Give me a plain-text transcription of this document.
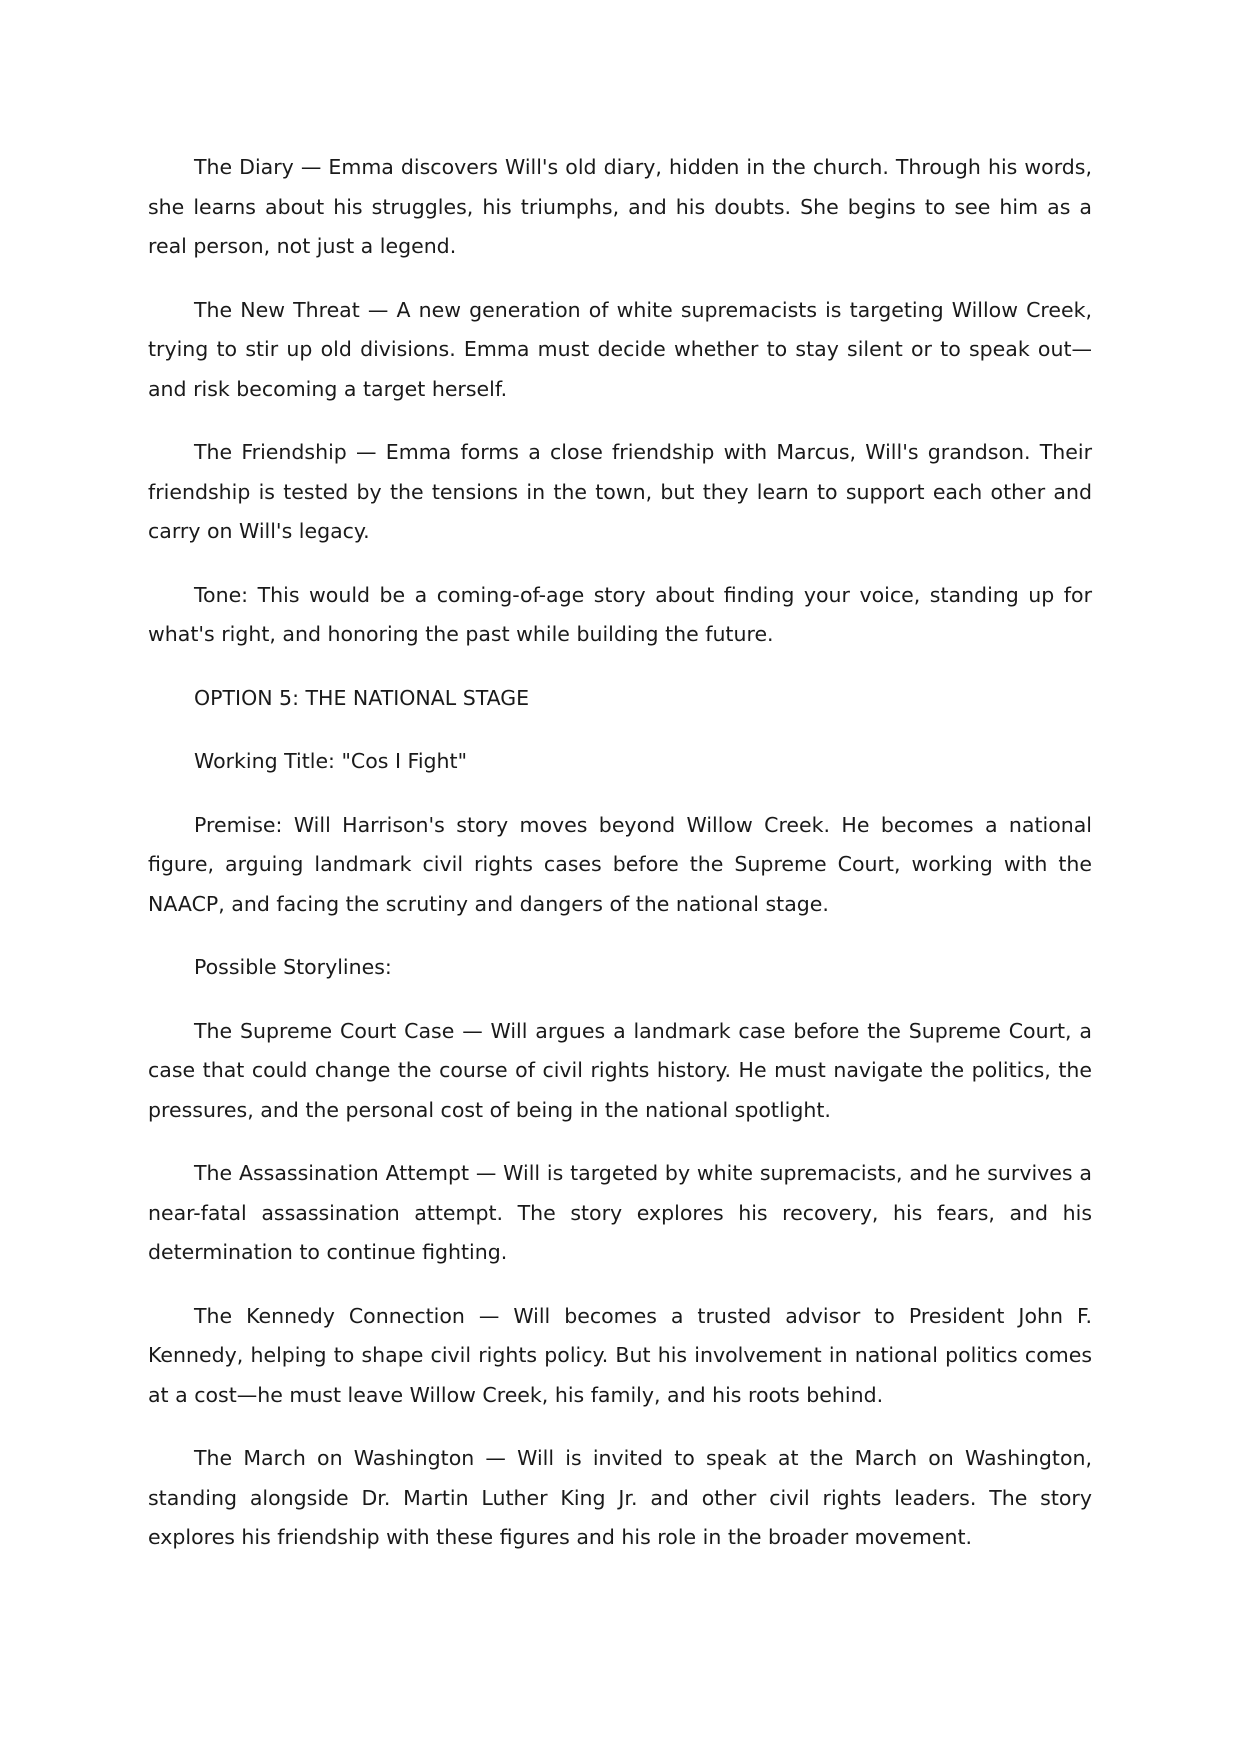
The Diary — Emma discovers Will's old diary, hidden in the church. Through his words, she learns about his struggles, his triumphs, and his doubts. She begins to see him as a real person, not just a legend.

The New Threat — A new generation of white supremacists is targeting Willow Creek, trying to stir up old divisions. Emma must decide whether to stay silent or to speak out—and risk becoming a target herself.

The Friendship — Emma forms a close friendship with Marcus, Will's grandson. Their friendship is tested by the tensions in the town, but they learn to support each other and carry on Will's legacy.

Tone: This would be a coming-of-age story about finding your voice, standing up for what's right, and honoring the past while building the future.

OPTION 5: THE NATIONAL STAGE

Working Title: "Cos I Fight"

Premise: Will Harrison's story moves beyond Willow Creek. He becomes a national figure, arguing landmark civil rights cases before the Supreme Court, working with the NAACP, and facing the scrutiny and dangers of the national stage.

Possible Storylines:

The Supreme Court Case — Will argues a landmark case before the Supreme Court, a case that could change the course of civil rights history. He must navigate the politics, the pressures, and the personal cost of being in the national spotlight.

The Assassination Attempt — Will is targeted by white supremacists, and he survives a near-fatal assassination attempt. The story explores his recovery, his fears, and his determination to continue fighting.

The Kennedy Connection — Will becomes a trusted advisor to President John F. Kennedy, helping to shape civil rights policy. But his involvement in national politics comes at a cost—he must leave Willow Creek, his family, and his roots behind.

The March on Washington — Will is invited to speak at the March on Washington, standing alongside Dr. Martin Luther King Jr. and other civil rights leaders. The story explores his friendship with these figures and his role in the broader movement.
